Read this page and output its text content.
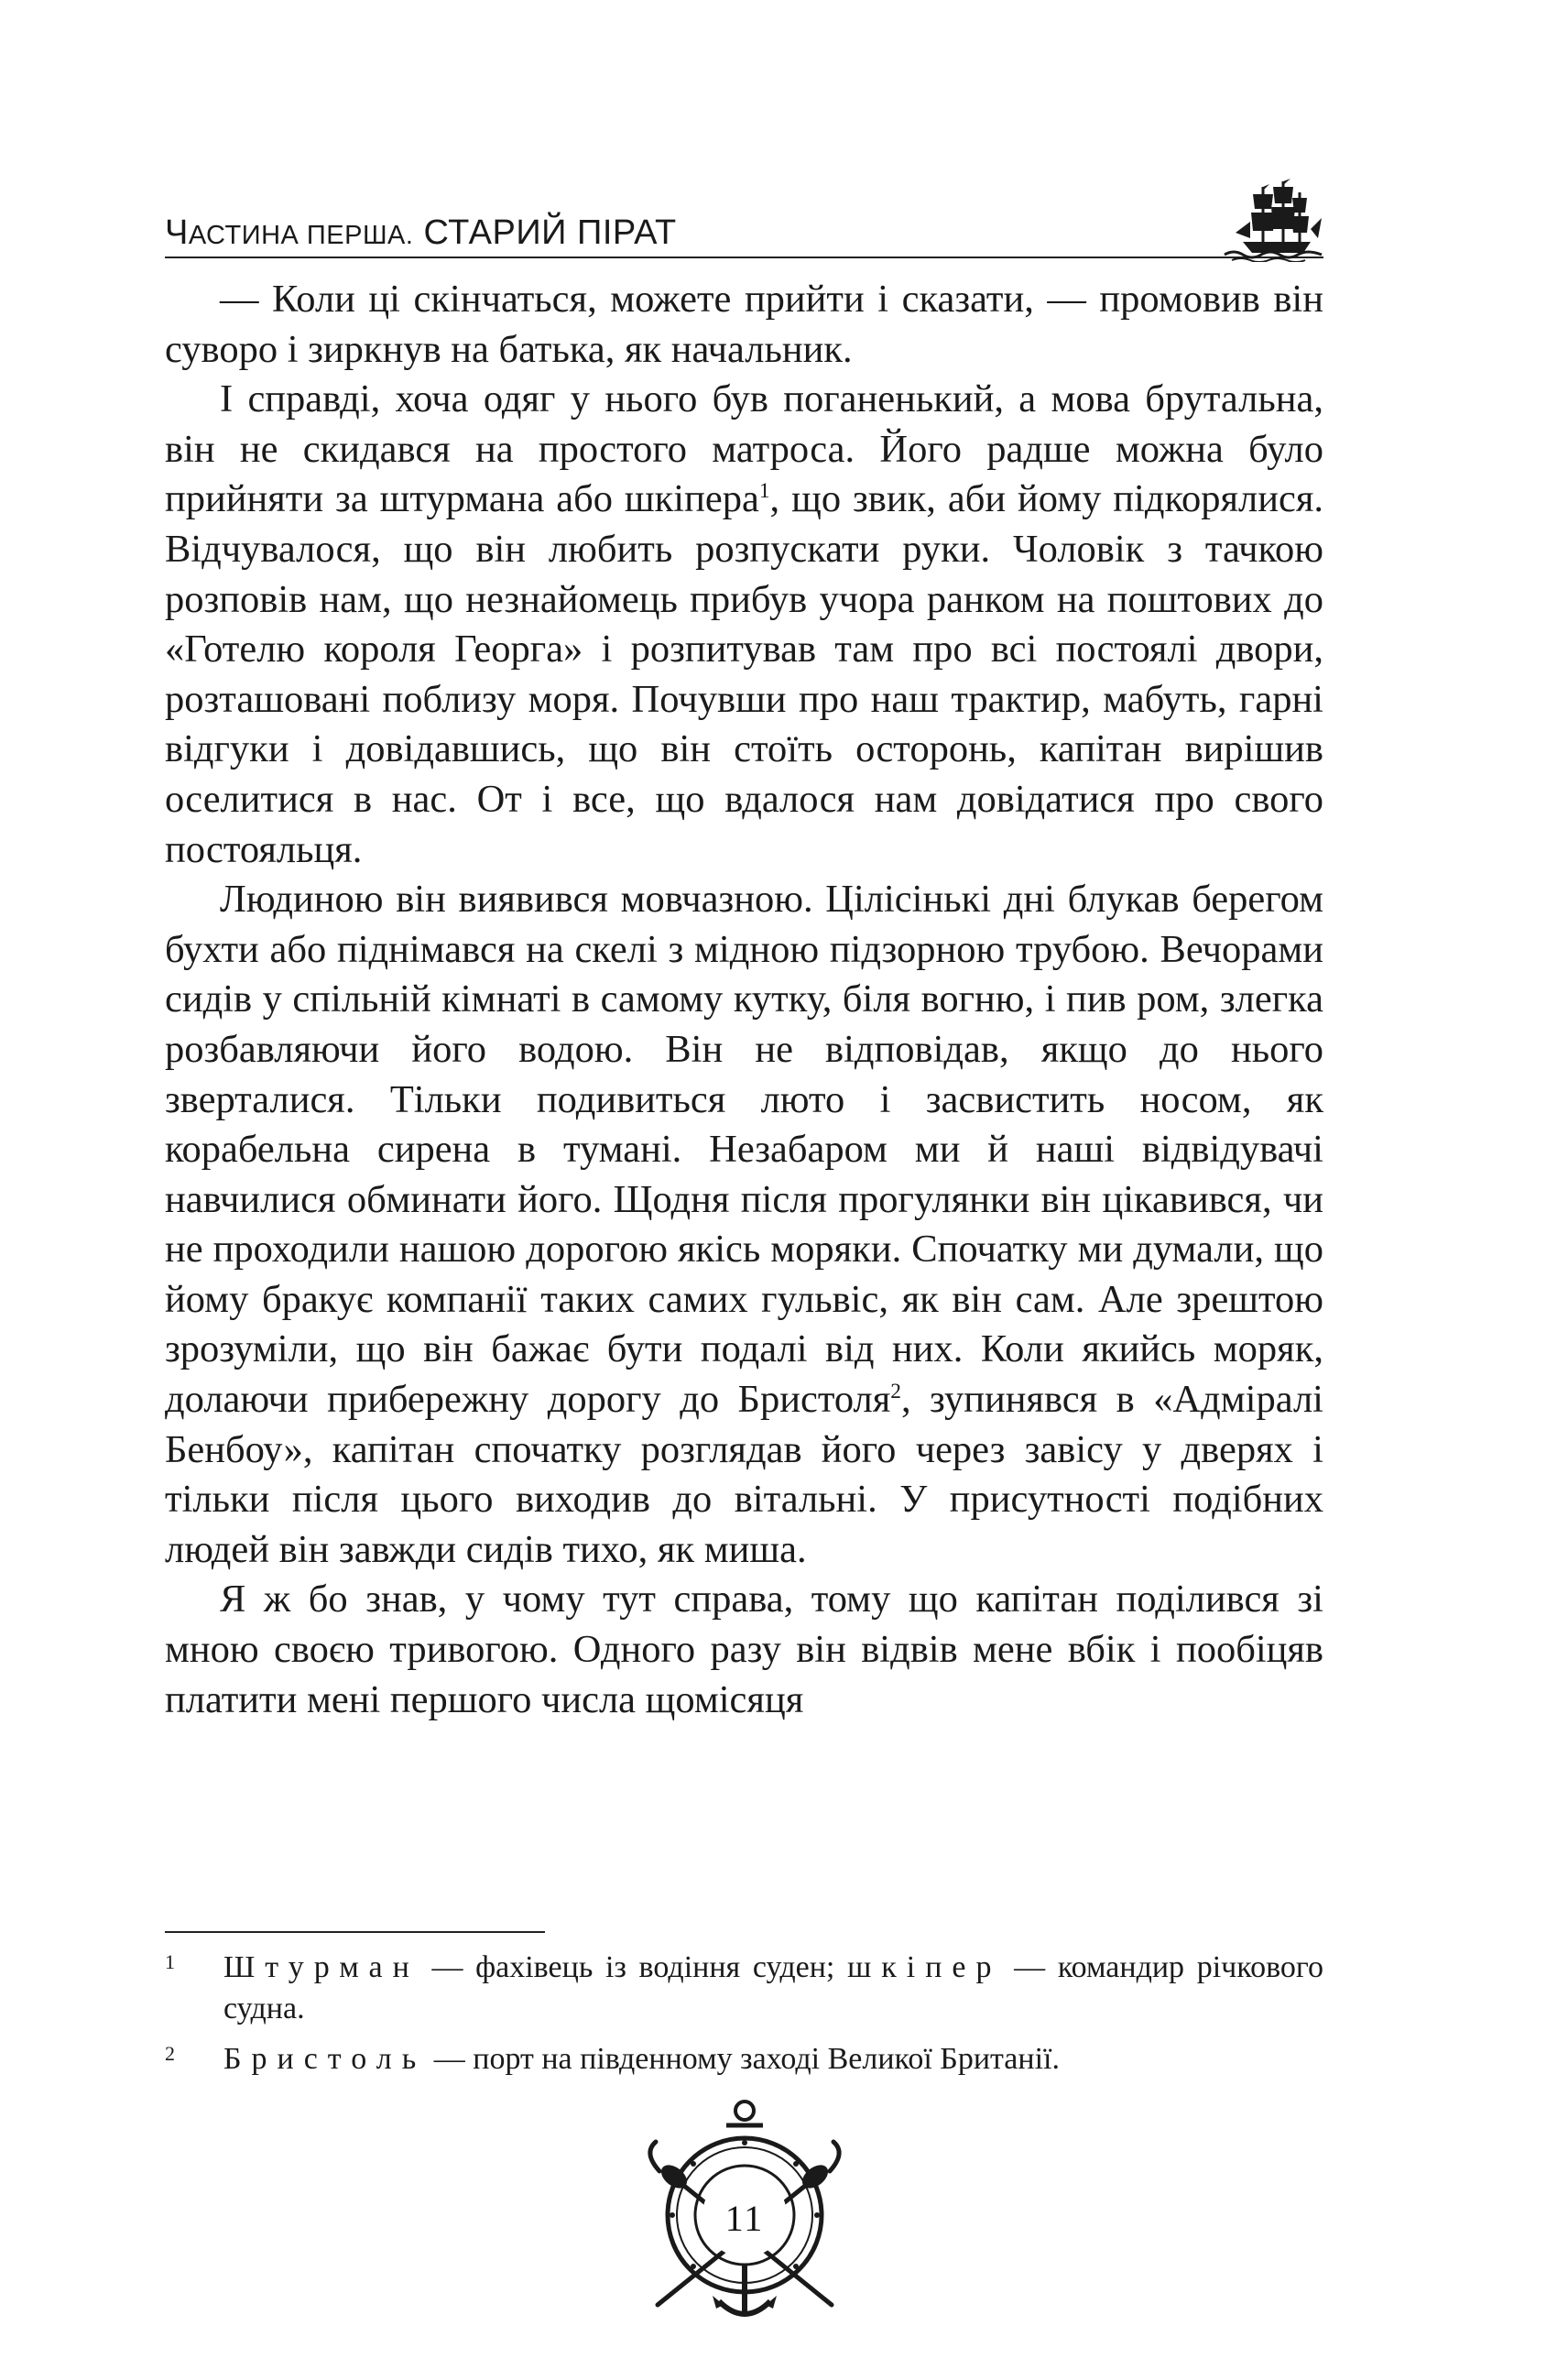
ЧАСТИНА ПЕРША. СТАРИЙ ПІРАТ

— Коли ці скінчаться, можете прийти і сказати, — промовив він суворо і зиркнув на батька, як начальник.

І справді, хоча одяг у нього був поганенький, а мова брутальна, він не скидався на простого матроса. Його радше можна було прийняти за штурмана або шкіпера$^1$, що звик, аби йому підкорялися. Відчувалося, що він любить розпускати руки. Чоловік з тачкою розповів нам, що незнайомець прибув учора ранком на поштових до «Готелю короля Георга» і розпитував там про всі постоялі двори, розташовані поблизу моря. Почувши про наш трактир, мабуть, гарні відгуки і довідавшись, що він стоїть осторонь, капітан вирішив оселитися в нас. От і все, що вдалося нам довідатися про свого постояльця.

Людиною він виявився мовчазною. Цілісінькі дні блукав берегом бухти або піднімався на скелі з мідною підзорною трубою. Вечорами сидів у спільній кімнаті в самому кутку, біля вогню, і пив ром, злегка розбавляючи його водою. Він не відповідав, якщо до нього зверталися. Тільки подивиться люто і засвистить носом, як корабельна сирена в тумані. Незабаром ми й наші відвідувачі навчилися обминати його. Щодня після прогулянки він цікавився, чи не проходили нашою дорогою якісь моряки. Спочатку ми думали, що йому бракує компанії таких самих гульвіс, як він сам. Але зрештою зрозуміли, що він бажає бути подалі від них. Коли якийсь моряк, долаючи прибережну дорогу до Бристоля$^2$, зупинявся в «Адміралі Бенбоу», капітан спочатку розглядав його через завісу у дверях і тільки після цього виходив до вітальні. У присутності подібних людей він завжди сидів тихо, як миша.

Я ж бо знав, у чому тут справа, тому що капітан поділився зі мною своєю тривогою. Одного разу він відвів мене вбік і пообіцяв платити мені першого числа щомісяця

1 Штурман — фахівець із водіння суден; шкіпер — командир річкового судна.
2 Бристоль — порт на південному заході Великої Британії.
11
